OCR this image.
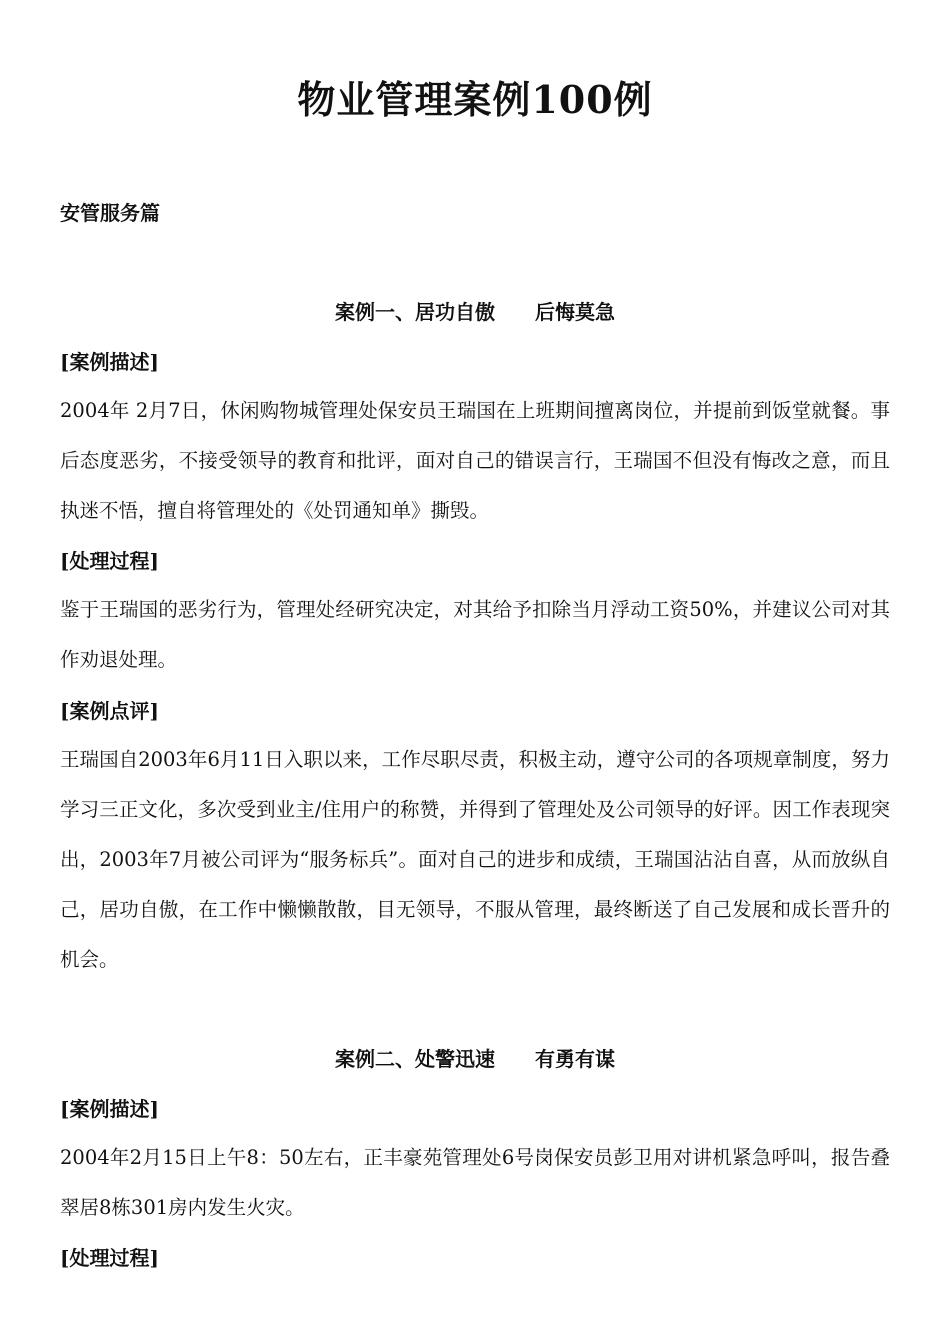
物业管理案例100例
安管服务篇
案例一、居功自傲　　后悔莫急
[案例描述]
2004年 2月7日，休闲购物城管理处保安员王瑞国在上班期间擅离岗位，并提前到饭堂就餐。事后态度恶劣，不接受领导的教育和批评，面对自己的错误言行，王瑞国不但没有悔改之意，而且执迷不悟，擅自将管理处的《处罚通知单》撕毁。
[处理过程]
鉴于王瑞国的恶劣行为，管理处经研究决定，对其给予扣除当月浮动工资50%，并建议公司对其作劝退处理。
[案例点评]
王瑞国自2003年6月11日入职以来，工作尽职尽责，积极主动，遵守公司的各项规章制度，努力学习三正文化，多次受到业主/住用户的称赞，并得到了管理处及公司领导的好评。因工作表现突出，2003年7月被公司评为“服务标兵”。面对自己的进步和成绩，王瑞国沾沾自喜，从而放纵自己，居功自傲，在工作中懒懒散散，目无领导，不服从管理，最终断送了自己发展和成长晋升的机会。
案例二、处警迅速　　有勇有谋
[案例描述]
2004年2月15日上午8：50左右，正丰豪苑管理处6号岗保安员彭卫用对讲机紧急呼叫，报告叠翠居8栋301房内发生火灾。
[处理过程]
